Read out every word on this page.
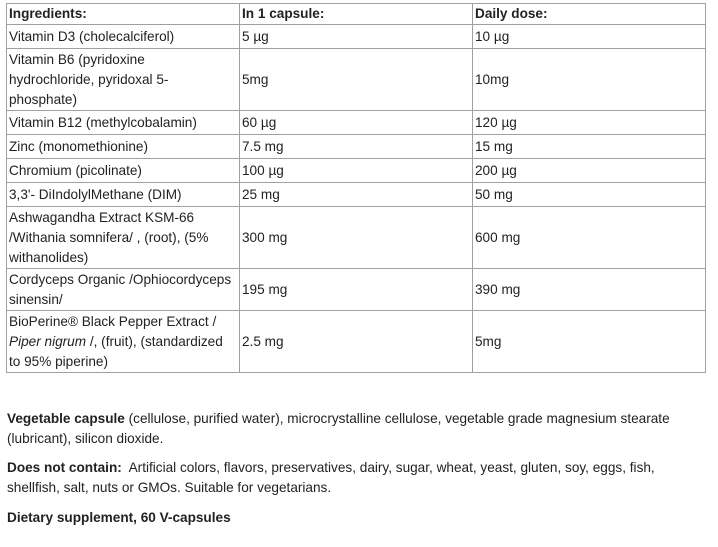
Ingredients:	In 1 capsule:	Daily dose:
Vitamin D3 (cholecalciferol)	5 µg	10 µg
Vitamin B6 (pyridoxine
hydrochloride, pyridoxal 5-
phosphate)	5mg	10mg
Vitamin B12 (methylcobalamin)	60 µg	120 µg
Zinc (monomethionine)	7.5 mg	15 mg
Chromium (picolinate)	100 µg	200 µg
3,3'- DiIndolylMethane (DIM)	25 mg	50 mg
Ashwagandha Extract KSM-66
/Withania somnifera/ , (root), (5%
withanolides)	300 mg	600 mg
Cordyceps Organic /Ophiocordyceps
sinensin/	195 mg	390 mg
BioPerine® Black Pepper Extract /
Piper nigrum /, (fruit), (standardized
to 95% piperine)	2.5 mg	5mg

Vegetable capsule (cellulose, purified water), microcrystalline cellulose, vegetable grade magnesium stearate (lubricant), silicon dioxide.

Does not contain:  Artificial colors, flavors, preservatives, dairy, sugar, wheat, yeast, gluten, soy, eggs, fish, shellfish, salt, nuts or GMOs. Suitable for vegetarians.

Dietary supplement, 60 V-capsules
